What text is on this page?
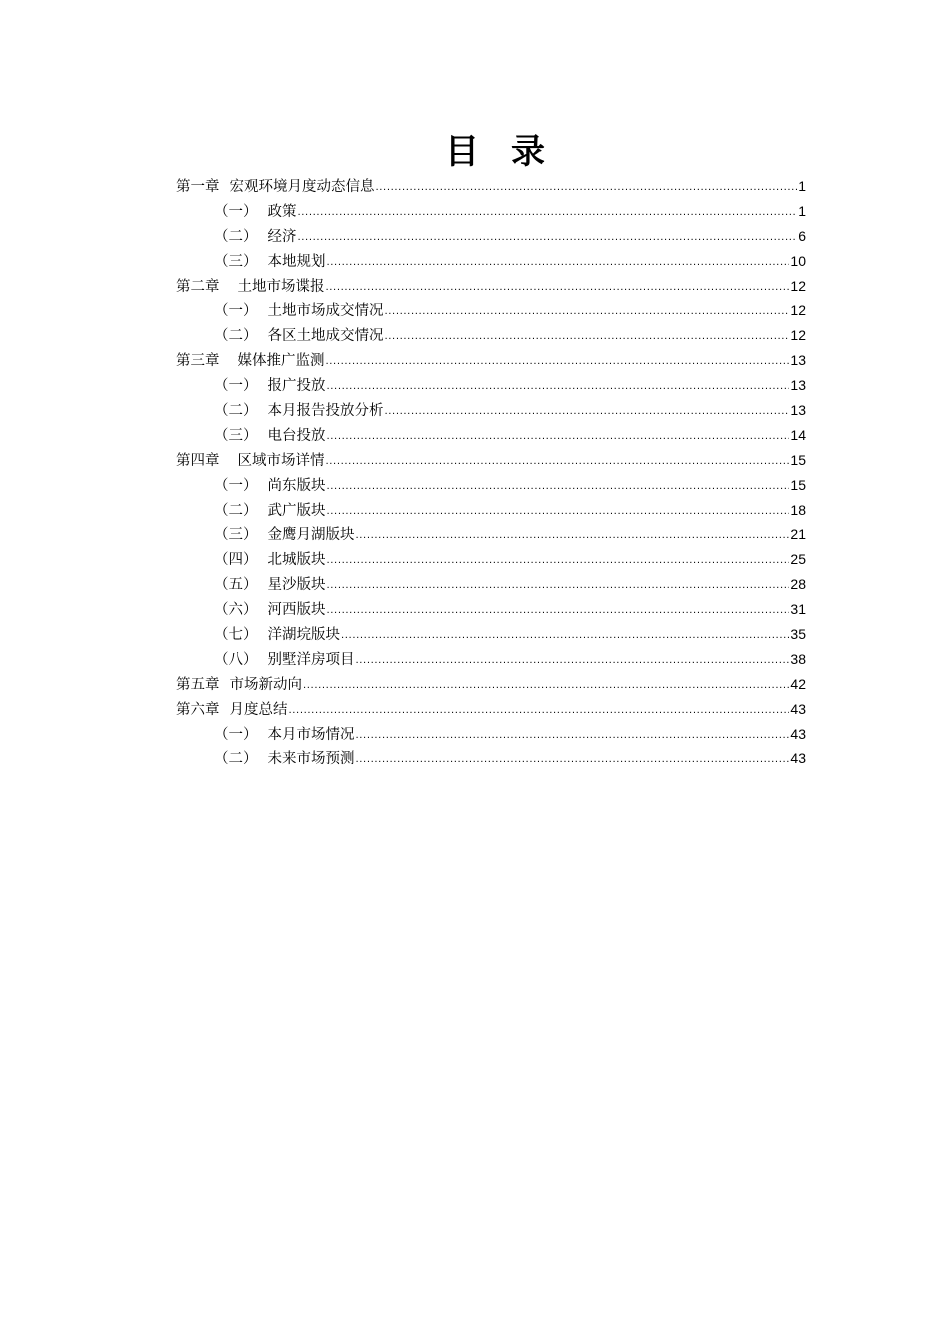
目 录
第一章 宏观环境月度动态信息 .....	1
（一） 政策 .....	1
（二） 经济 .....	6
（三） 本地规划 .....	10
第二章 土地市场谍报 .....	12
（一） 土地市场成交情况 .....	12
（二） 各区土地成交情况 .....	12
第三章 媒体推广监测 .....	13
（一） 报广投放 .....	13
（二） 本月报告投放分析 .....	13
（三） 电台投放 .....	14
第四章 区域市场详情 .....	15
（一） 尚东版块 .....	15
（二） 武广版块 .....	18
（三） 金鹰月湖版块 .....	21
（四） 北城版块 .....	25
（五） 星沙版块 .....	28
（六） 河西版块 .....	31
（七） 洋湖垸版块 .....	35
（八） 别墅洋房项目 .....	38
第五章 市场新动向 .....	42
第六章 月度总结 .....	43
（一） 本月市场情况 .....	43
（二） 未来市场预测 .....	43
